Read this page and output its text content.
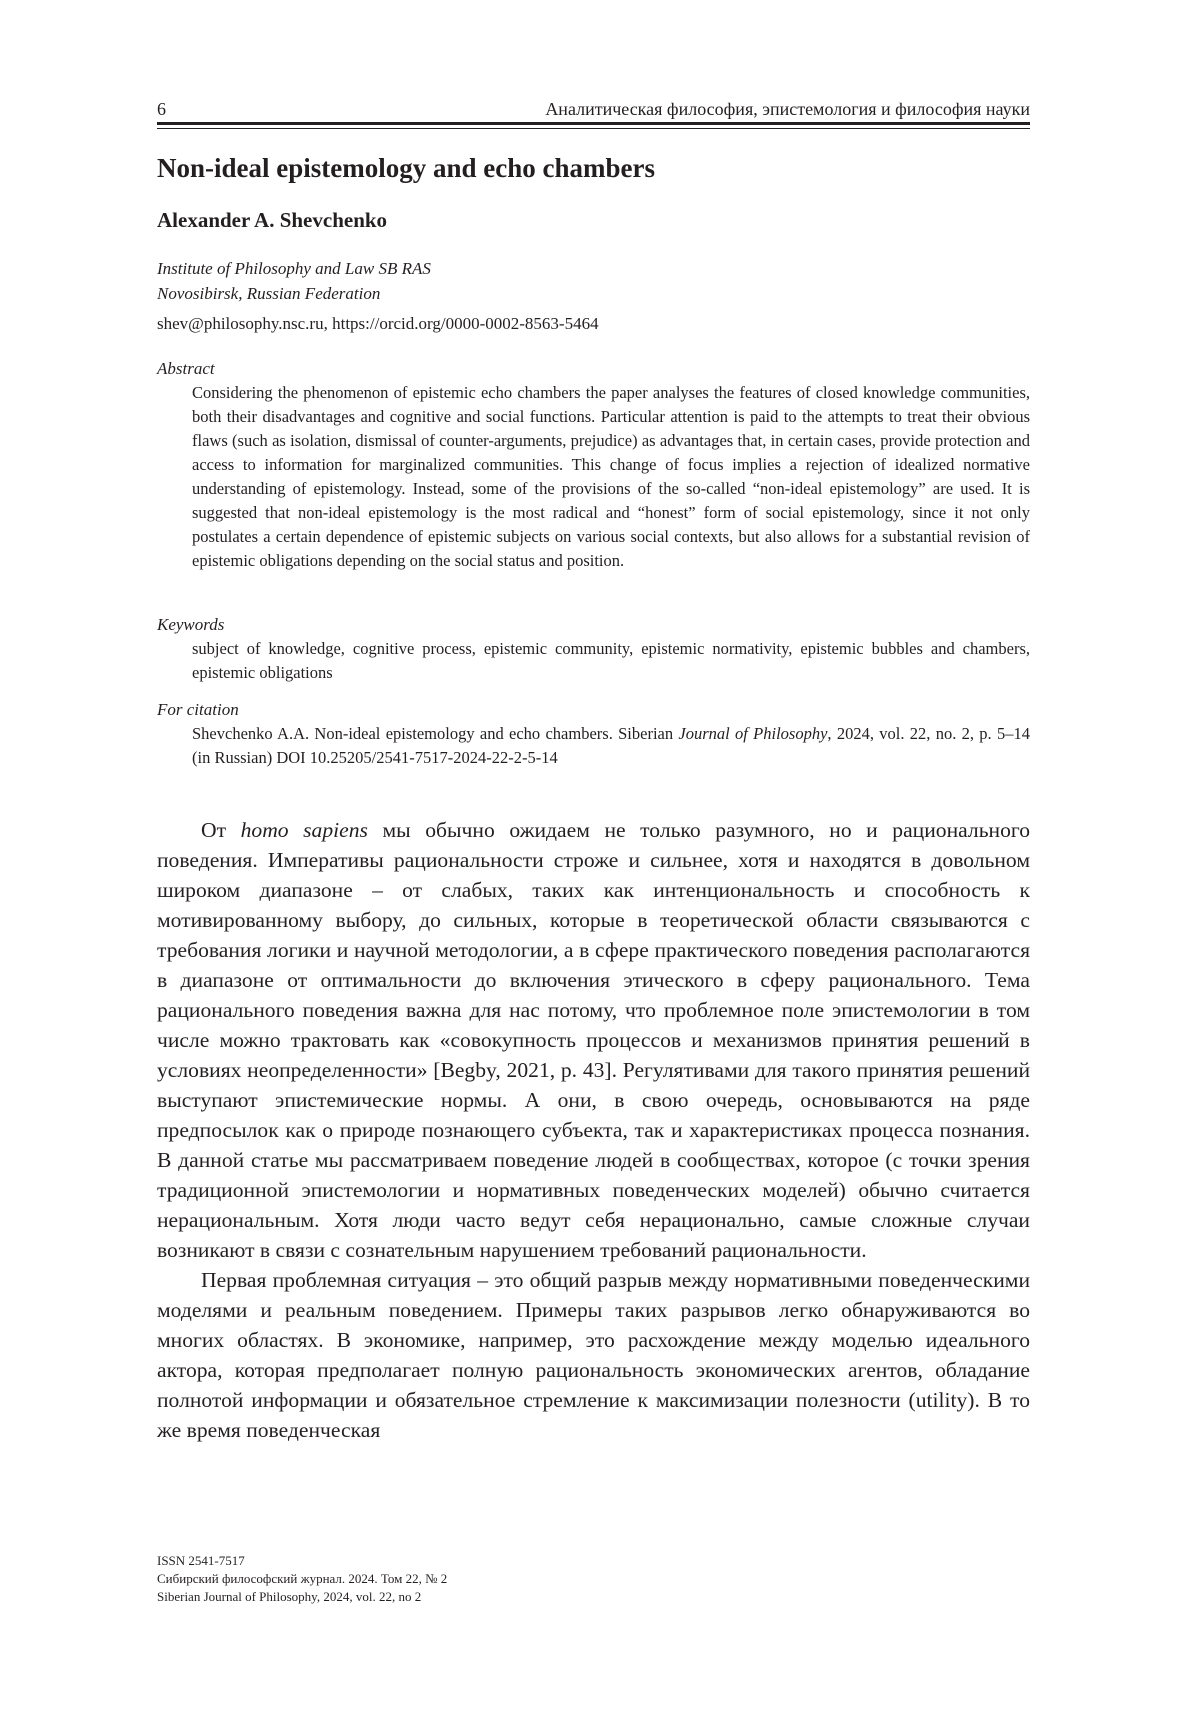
6	Аналитическая философия, эпистемология и философия науки
Non-ideal epistemology and echo chambers
Alexander A. Shevchenko
Institute of Philosophy and Law SB RAS
Novosibirsk, Russian Federation
shev@philosophy.nsc.ru, https://orcid.org/0000-0002-8563-5464
Abstract

Considering the phenomenon of epistemic echo chambers the paper analyses the features of closed knowl­edge communities, both their disadvantages and cognitive and social functions. Particular attention is paid to the attempts to treat their obvious flaws (such as isolation, dismissal of counter-arguments, prej­udice) as advantages that, in certain cases, provide protection and access to information for marginalized communities. This change of focus implies a rejection of idealized normative understanding of epistemol­ogy. Instead, some of the provisions of the so-called “non-ideal epistemology” are used. It is suggested that non-ideal epistemology is the most radical and “honest” form of social epistemology, since it not only postulates a certain dependence of epistemic subjects on various social contexts, but also allows for a substantial revision of epistemic obligations depending on the social status and position.

Keywords

subject of knowledge, cognitive process, epistemic community, epistemic normativity, epistemic bubbles and chambers, epistemic obligations

For citation

Shevchenko A.A. Non-ideal epistemology and echo chambers. Siberian Journal of Philosophy, 2024, vol. 22, no. 2, p. 5–14 (in Russian) DOI 10.25205/2541-7517-2024-22-2-5-14

От homo sapiens мы обычно ожидаем не только разумного, но и рациональ­ного поведения. Императивы рациональности строже и сильнее, хотя и находят­ся в довольном широком диапазоне – от слабых, таких как интенциональность и способность к мотивированному выбору, до сильных, которые в теоретической области связываются с требования логики и научной методологии, а в сфере практического поведения располагаются в диапазоне от оптимальности до вклю­чения этического в сферу рационального. Тема рационального поведения важна для нас потому, что проблемное поле эпистемологии в том числе можно тракто­вать как «совокупность процессов и механизмов принятия решений в условиях неопределенности» [Begby, 2021, p. 43]. Регулятивами для такого принятия ре­шений выступают эпистемические нормы. А они, в свою очередь, основываются на ряде предпосылок как о природе познающего субъекта, так и характеристиках процесса познания. В данной статье мы рассматриваем поведение людей в сооб­ществах, которое (с точки зрения традиционной эпистемологии и нормативных поведенческих моделей) обычно считается нерациональным. Хотя люди часто ведут себя нерационально, самые сложные случаи возникают в связи с сознатель­ным нарушением требований рациональности.

Первая проблемная ситуация – это общий разрыв между нормативными по­веденческими моделями и реальным поведением. Примеры таких разрывов легко обнаруживаются во многих областях. В экономике, например, это расхождение между моделью идеального актора, которая предполагает полную рациональ­ность экономических агентов, обладание полнотой информации и обязательное стремление к максимизации полезности (utility). В то же время поведенческая

ISSN 2541-7517
Сибирский философский журнал. 2024. Том 22, № 2
Siberian Journal of Philosophy, 2024, vol. 22, no 2
